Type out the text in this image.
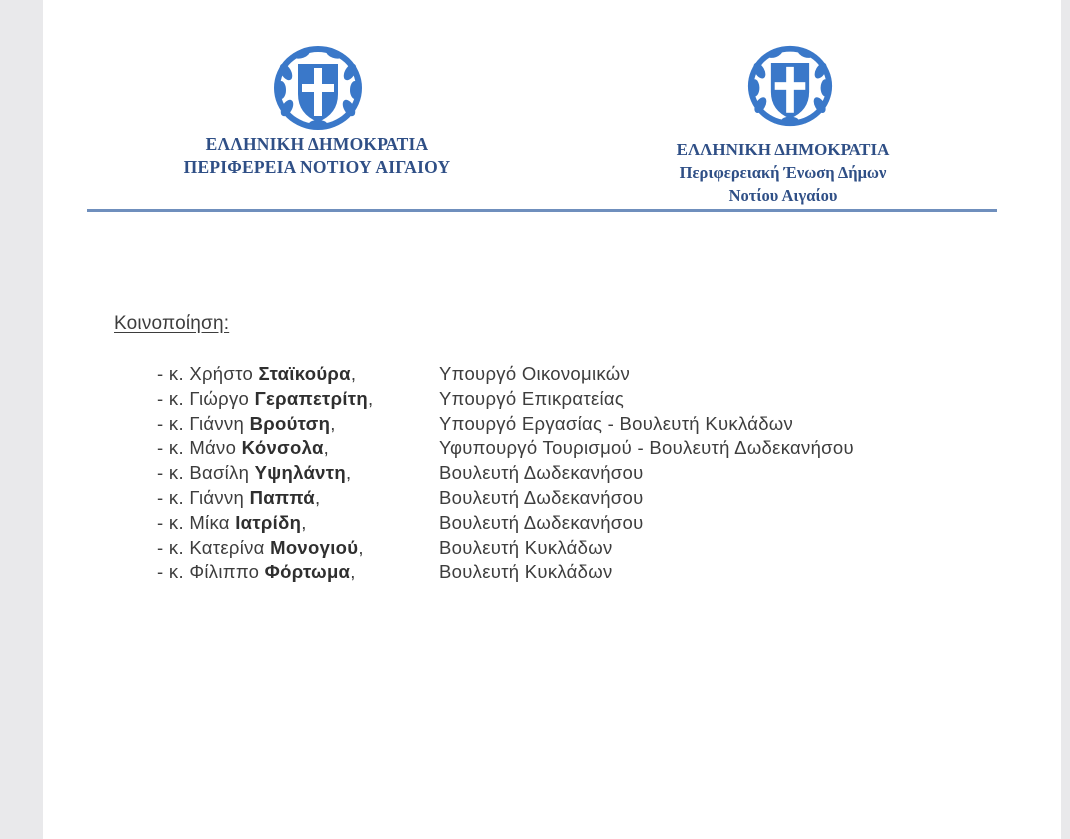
ΕΛΛΗΝΙΚΗ ΔΗΜΟΚΡΑΤΙΑ
ΠΕΡΙΦΕΡΕΙΑ ΝΟΤΙΟΥ ΑΙΓΑΙΟΥ
ΕΛΛΗΝΙΚΗ ΔΗΜΟΚΡΑΤΙΑ
Περιφερειακή Ένωση Δήμων
Νοτίου Αιγαίου
Κοινοποίηση:
- κ. Χρήστο Σταϊκούρα,	Υπουργό Οικονομικών
- κ. Γιώργο Γεραπετρίτη,	Υπουργό Επικρατείας
- κ. Γιάννη Βρούτση,	Υπουργό Εργασίας - Βουλευτή Κυκλάδων
- κ. Μάνο Κόνσολα,	Υφυπουργό Τουρισμού - Βουλευτή Δωδεκανήσου
- κ. Βασίλη Υψηλάντη,	Βουλευτή Δωδεκανήσου
- κ. Γιάννη Παππά,	Βουλευτή Δωδεκανήσου
- κ. Μίκα Ιατρίδη,	Βουλευτή Δωδεκανήσου
- κ. Κατερίνα Μονογιού,	Βουλευτή Κυκλάδων
- κ. Φίλιππο Φόρτωμα,	Βουλευτή Κυκλάδων
